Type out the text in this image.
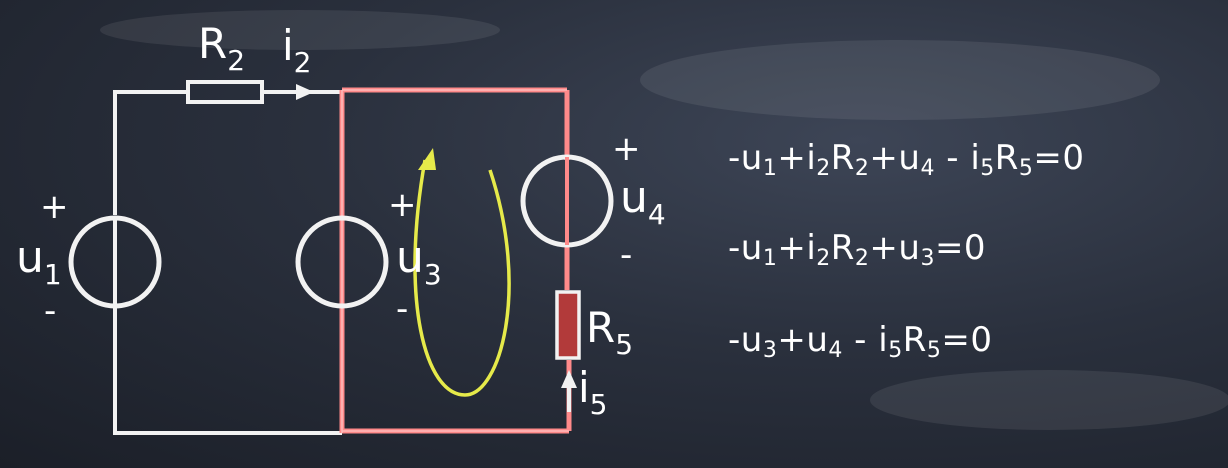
$R_2$ $i_2$
+
$u_1$
-
+
$u_3$
-
+
$u_4$
-
$R_5$
$i_5$
$-u_1+i_2R_2+u_4 - i_5R_5=0$
$-u_1+i_2R_2+u_3=0$
$-u_3+u_4 - i_5R_5=0$
